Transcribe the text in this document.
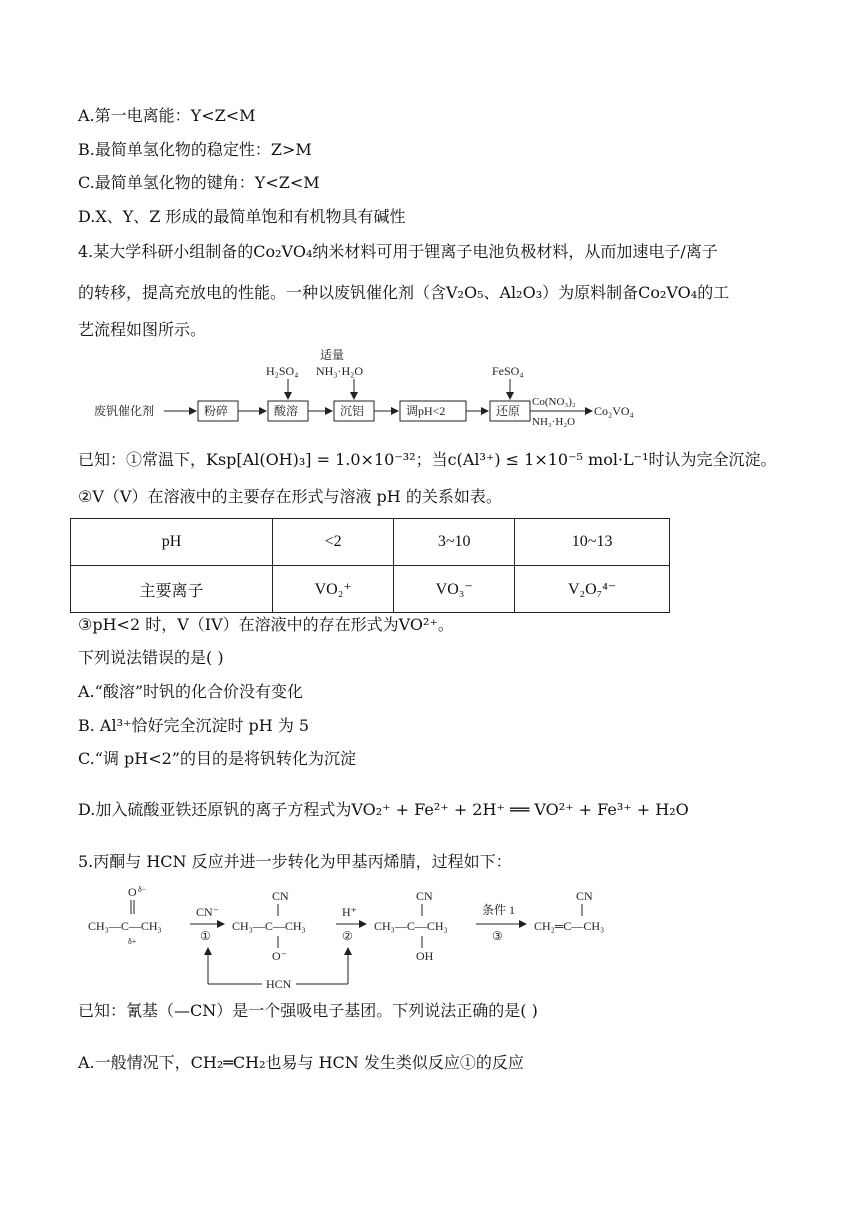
A.第一电离能：Y<Z<M
B.最简单氢化物的稳定性：Z>M
C.最简单氢化物的键角：Y<Z<M
D.X、Y、Z 形成的最简单饱和有机物具有碱性
4.某大学科研小组制备的Co₂VO₄纳米材料可用于锂离子电池负极材料，从而加速电子/离子
的转移，提高充放电的性能。一种以废钒催化剂（含V₂O₅、Al₂O₃）为原料制备Co₂VO₄的工
艺流程如图所示。
废钒催化剂	粉碎	酸溶
H₂SO₄
沉铝
适量
NH₃·H₂O
调pH<2	还原
FeSO₄
Co(NO₃)₂
NH₃·H₂O
Co₂VO₄
已知：①常温下，Ksp[Al(OH)₃] = 1.0×10⁻³²；当c(Al³⁺) ≤ 1×10⁻⁵ mol·L⁻¹时认为完全沉淀。
②V（V）在溶液中的主要存在形式与溶液 pH 的关系如表。
pH	<2	3~10	10~13
主要离子	VO₂⁺	VO₃⁻	V₂O₇⁴⁻
③pH<2 时，V（IV）在溶液中的存在形式为VO²⁺。
下列说法错误的是( )
A.“酸溶”时钒的化合价没有变化
B. Al³⁺恰好完全沉淀时 pH 为 5
C.“调 pH<2”的目的是将钒转化为沉淀
D.加入硫酸亚铁还原钒的离子方程式为VO₂⁺ + Fe²⁺ + 2H⁺ ══ VO²⁺ + Fe³⁺ + H₂O
5.丙酮与 HCN 反应并进一步转化为甲基丙烯腈，过程如下：
O δ−
CH₃—C—CH₃
δ+
CN⁻
①
CN
CH₃—C—CH₃
O⁻
H⁺
②
CN
CH₃—C—CH₃
OH
条件 1
③
CN
CH₂═C—CH₃
HCN
已知：氰基（—CN）是一个强吸电子基团。下列说法正确的是( )
A.一般情况下，CH₂═CH₂也易与 HCN 发生类似反应①的反应
